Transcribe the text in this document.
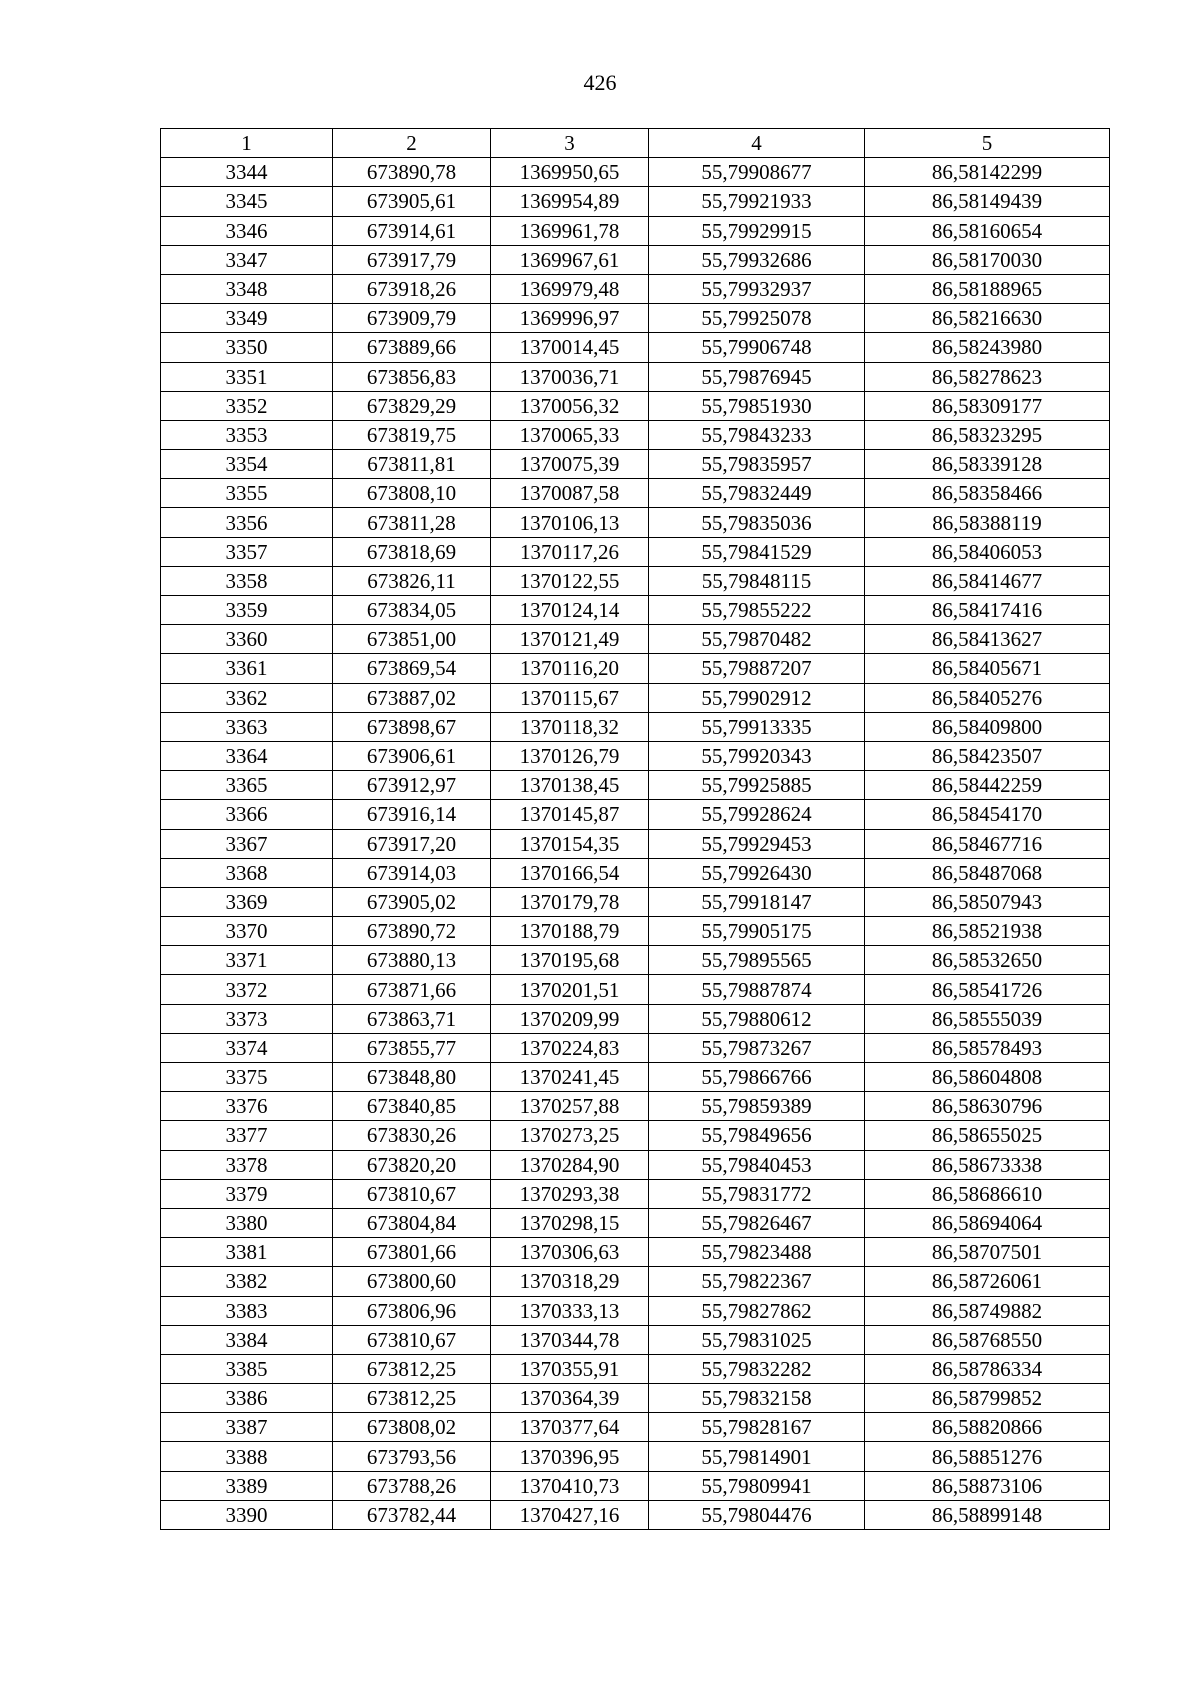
426
1	2	3	4	5
3344	673890,78	1369950,65	55,79908677	86,58142299
3345	673905,61	1369954,89	55,79921933	86,58149439
3346	673914,61	1369961,78	55,79929915	86,58160654
3347	673917,79	1369967,61	55,79932686	86,58170030
3348	673918,26	1369979,48	55,79932937	86,58188965
3349	673909,79	1369996,97	55,79925078	86,58216630
3350	673889,66	1370014,45	55,79906748	86,58243980
3351	673856,83	1370036,71	55,79876945	86,58278623
3352	673829,29	1370056,32	55,79851930	86,58309177
3353	673819,75	1370065,33	55,79843233	86,58323295
3354	673811,81	1370075,39	55,79835957	86,58339128
3355	673808,10	1370087,58	55,79832449	86,58358466
3356	673811,28	1370106,13	55,79835036	86,58388119
3357	673818,69	1370117,26	55,79841529	86,58406053
3358	673826,11	1370122,55	55,79848115	86,58414677
3359	673834,05	1370124,14	55,79855222	86,58417416
3360	673851,00	1370121,49	55,79870482	86,58413627
3361	673869,54	1370116,20	55,79887207	86,58405671
3362	673887,02	1370115,67	55,79902912	86,58405276
3363	673898,67	1370118,32	55,79913335	86,58409800
3364	673906,61	1370126,79	55,79920343	86,58423507
3365	673912,97	1370138,45	55,79925885	86,58442259
3366	673916,14	1370145,87	55,79928624	86,58454170
3367	673917,20	1370154,35	55,79929453	86,58467716
3368	673914,03	1370166,54	55,79926430	86,58487068
3369	673905,02	1370179,78	55,79918147	86,58507943
3370	673890,72	1370188,79	55,79905175	86,58521938
3371	673880,13	1370195,68	55,79895565	86,58532650
3372	673871,66	1370201,51	55,79887874	86,58541726
3373	673863,71	1370209,99	55,79880612	86,58555039
3374	673855,77	1370224,83	55,79873267	86,58578493
3375	673848,80	1370241,45	55,79866766	86,58604808
3376	673840,85	1370257,88	55,79859389	86,58630796
3377	673830,26	1370273,25	55,79849656	86,58655025
3378	673820,20	1370284,90	55,79840453	86,58673338
3379	673810,67	1370293,38	55,79831772	86,58686610
3380	673804,84	1370298,15	55,79826467	86,58694064
3381	673801,66	1370306,63	55,79823488	86,58707501
3382	673800,60	1370318,29	55,79822367	86,58726061
3383	673806,96	1370333,13	55,79827862	86,58749882
3384	673810,67	1370344,78	55,79831025	86,58768550
3385	673812,25	1370355,91	55,79832282	86,58786334
3386	673812,25	1370364,39	55,79832158	86,58799852
3387	673808,02	1370377,64	55,79828167	86,58820866
3388	673793,56	1370396,95	55,79814901	86,58851276
3389	673788,26	1370410,73	55,79809941	86,58873106
3390	673782,44	1370427,16	55,79804476	86,58899148
